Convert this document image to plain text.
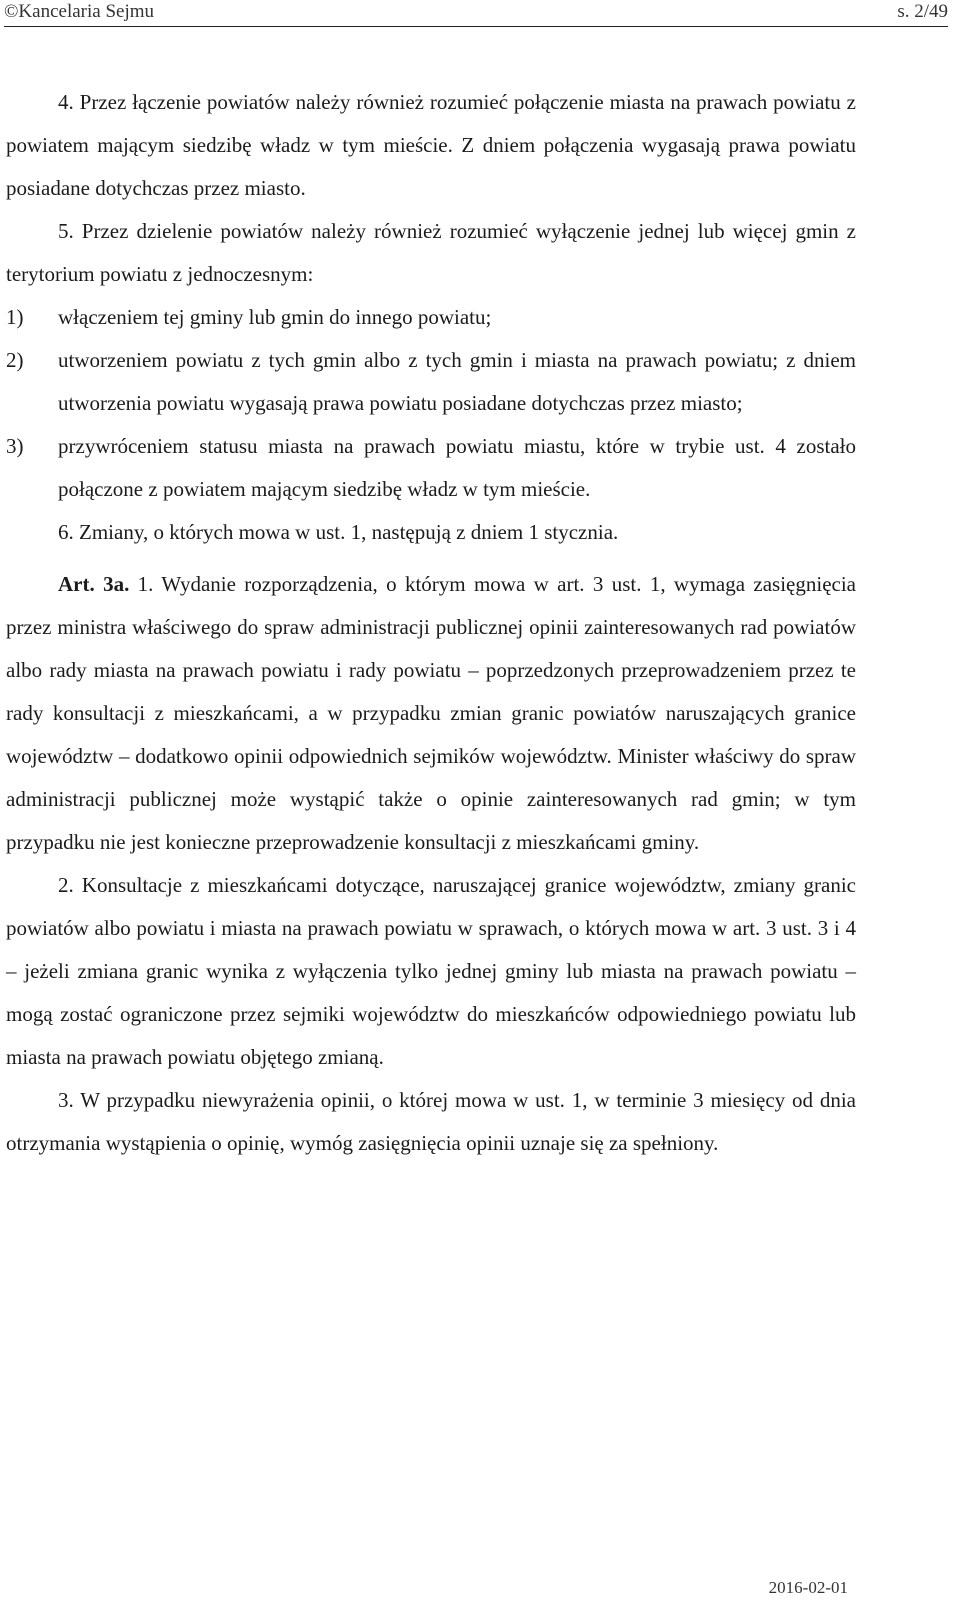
©Kancelaria Sejmu	s. 2/49

4. Przez łączenie powiatów należy również rozumieć połączenie miasta na prawach powiatu z powiatem mającym siedzibę władz w tym mieście. Z dniem połączenia wygasają prawa powiatu posiadane dotychczas przez miasto.

5. Przez dzielenie powiatów należy również rozumieć wyłączenie jednej lub więcej gmin z terytorium powiatu z jednoczesnym:

1) włączeniem tej gminy lub gmin do innego powiatu;

2) utworzeniem powiatu z tych gmin albo z tych gmin i miasta na prawach powiatu; z dniem utworzenia powiatu wygasają prawa powiatu posiadane dotychczas przez miasto;

3) przywróceniem statusu miasta na prawach powiatu miastu, które w trybie ust. 4 zostało połączone z powiatem mającym siedzibę władz w tym mieście.

6. Zmiany, o których mowa w ust. 1, następują z dniem 1 stycznia.

Art. 3a. 1. Wydanie rozporządzenia, o którym mowa w art. 3 ust. 1, wymaga zasięgnięcia przez ministra właściwego do spraw administracji publicznej opinii zainteresowanych rad powiatów albo rady miasta na prawach powiatu i rady powiatu – poprzedzonych przeprowadzeniem przez te rady konsultacji z mieszkańcami, a w przypadku zmian granic powiatów naruszających granice województw – dodatkowo opinii odpowiednich sejmików województw. Minister właściwy do spraw administracji publicznej może wystąpić także o opinie zainteresowanych rad gmin; w tym przypadku nie jest konieczne przeprowadzenie konsultacji z mieszkańcami gminy.

2. Konsultacje z mieszkańcami dotyczące, naruszającej granice województw, zmiany granic powiatów albo powiatu i miasta na prawach powiatu w sprawach, o których mowa w art. 3 ust. 3 i 4 – jeżeli zmiana granic wynika z wyłączenia tylko jednej gminy lub miasta na prawach powiatu – mogą zostać ograniczone przez sejmiki województw do mieszkańców odpowiedniego powiatu lub miasta na prawach powiatu objętego zmianą.

3. W przypadku niewyrażenia opinii, o której mowa w ust. 1, w terminie 3 miesięcy od dnia otrzymania wystąpienia o opinię, wymóg zasięgnięcia opinii uznaje się za spełniony.

2016-02-01
